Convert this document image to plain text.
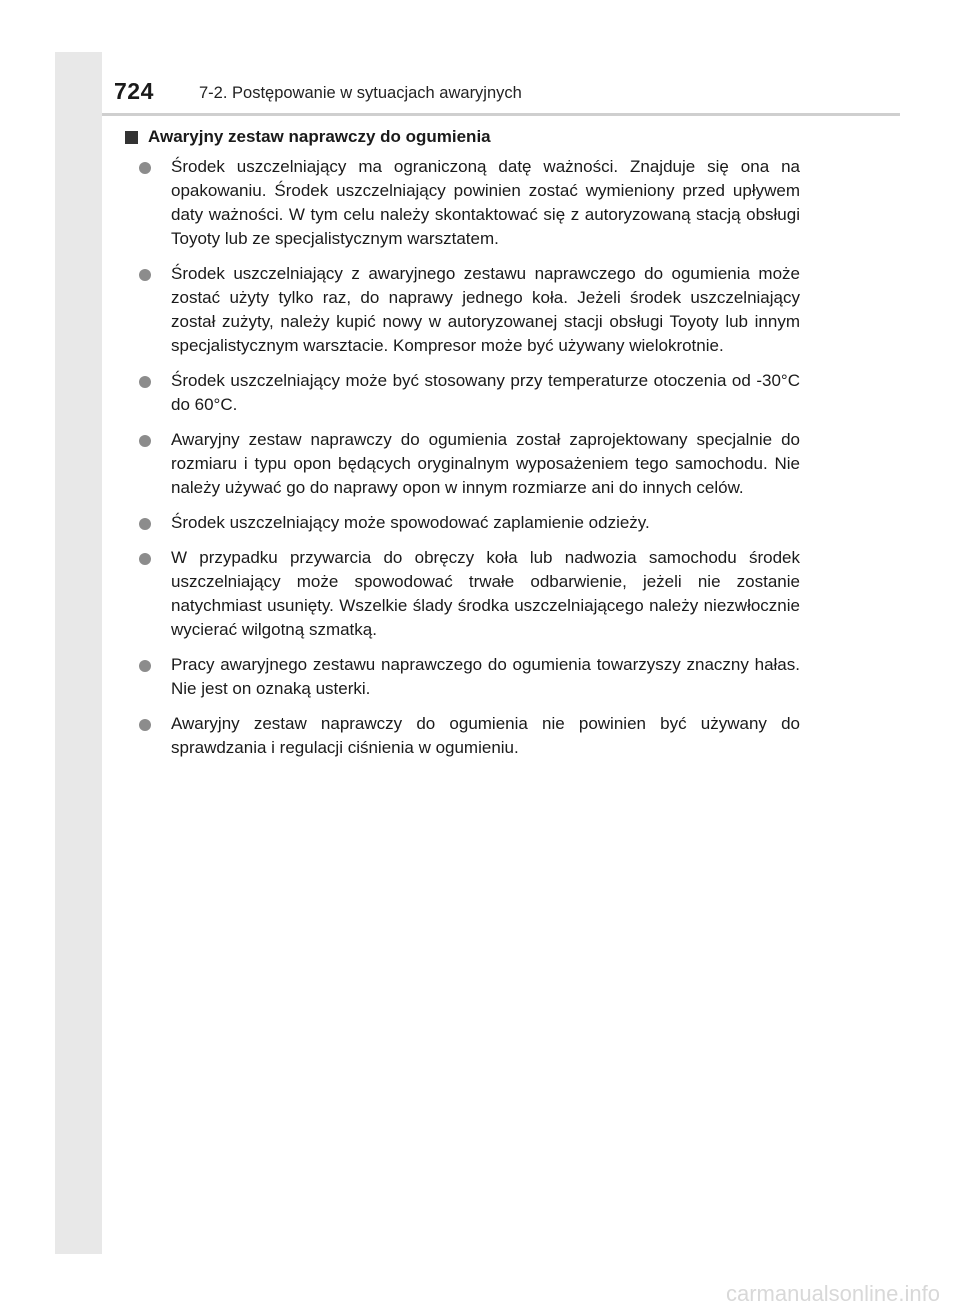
724	7-2. Postępowanie w sytuacjach awaryjnych
Awaryjny zestaw naprawczy do ogumienia
Środek uszczelniający ma ograniczoną datę ważności. Znajduje się ona na opakowaniu. Środek uszczelniający powinien zostać wymieniony przed upływem daty ważności. W tym celu należy skontaktować się z autoryzowaną stacją obsługi Toyoty lub ze specjalistycznym warsztatem.
Środek uszczelniający z awaryjnego zestawu naprawczego do ogumienia może zostać użyty tylko raz, do naprawy jednego koła. Jeżeli środek uszczelniający został zużyty, należy kupić nowy w autoryzowanej stacji obsługi Toyoty lub innym specjalistycznym warsztacie. Kompresor może być używany wielokrotnie.
Środek uszczelniający może być stosowany przy temperaturze otoczenia od -30°C do 60°C.
Awaryjny zestaw naprawczy do ogumienia został zaprojektowany specjalnie do rozmiaru i typu opon będących oryginalnym wyposażeniem tego samochodu. Nie należy używać go do naprawy opon w innym rozmiarze ani do innych celów.
Środek uszczelniający może spowodować zaplamienie odzieży.
W przypadku przywarcia do obręczy koła lub nadwozia samochodu środek uszczelniający może spowodować trwałe odbarwienie, jeżeli nie zostanie natychmiast usunięty. Wszelkie ślady środka uszczelniającego należy niezwłocznie wycierać wilgotną szmatką.
Pracy awaryjnego zestawu naprawczego do ogumienia towarzyszy znaczny hałas. Nie jest on oznaką usterki.
Awaryjny zestaw naprawczy do ogumienia nie powinien być używany do sprawdzania i regulacji ciśnienia w ogumieniu.
carmanualsonline.info
